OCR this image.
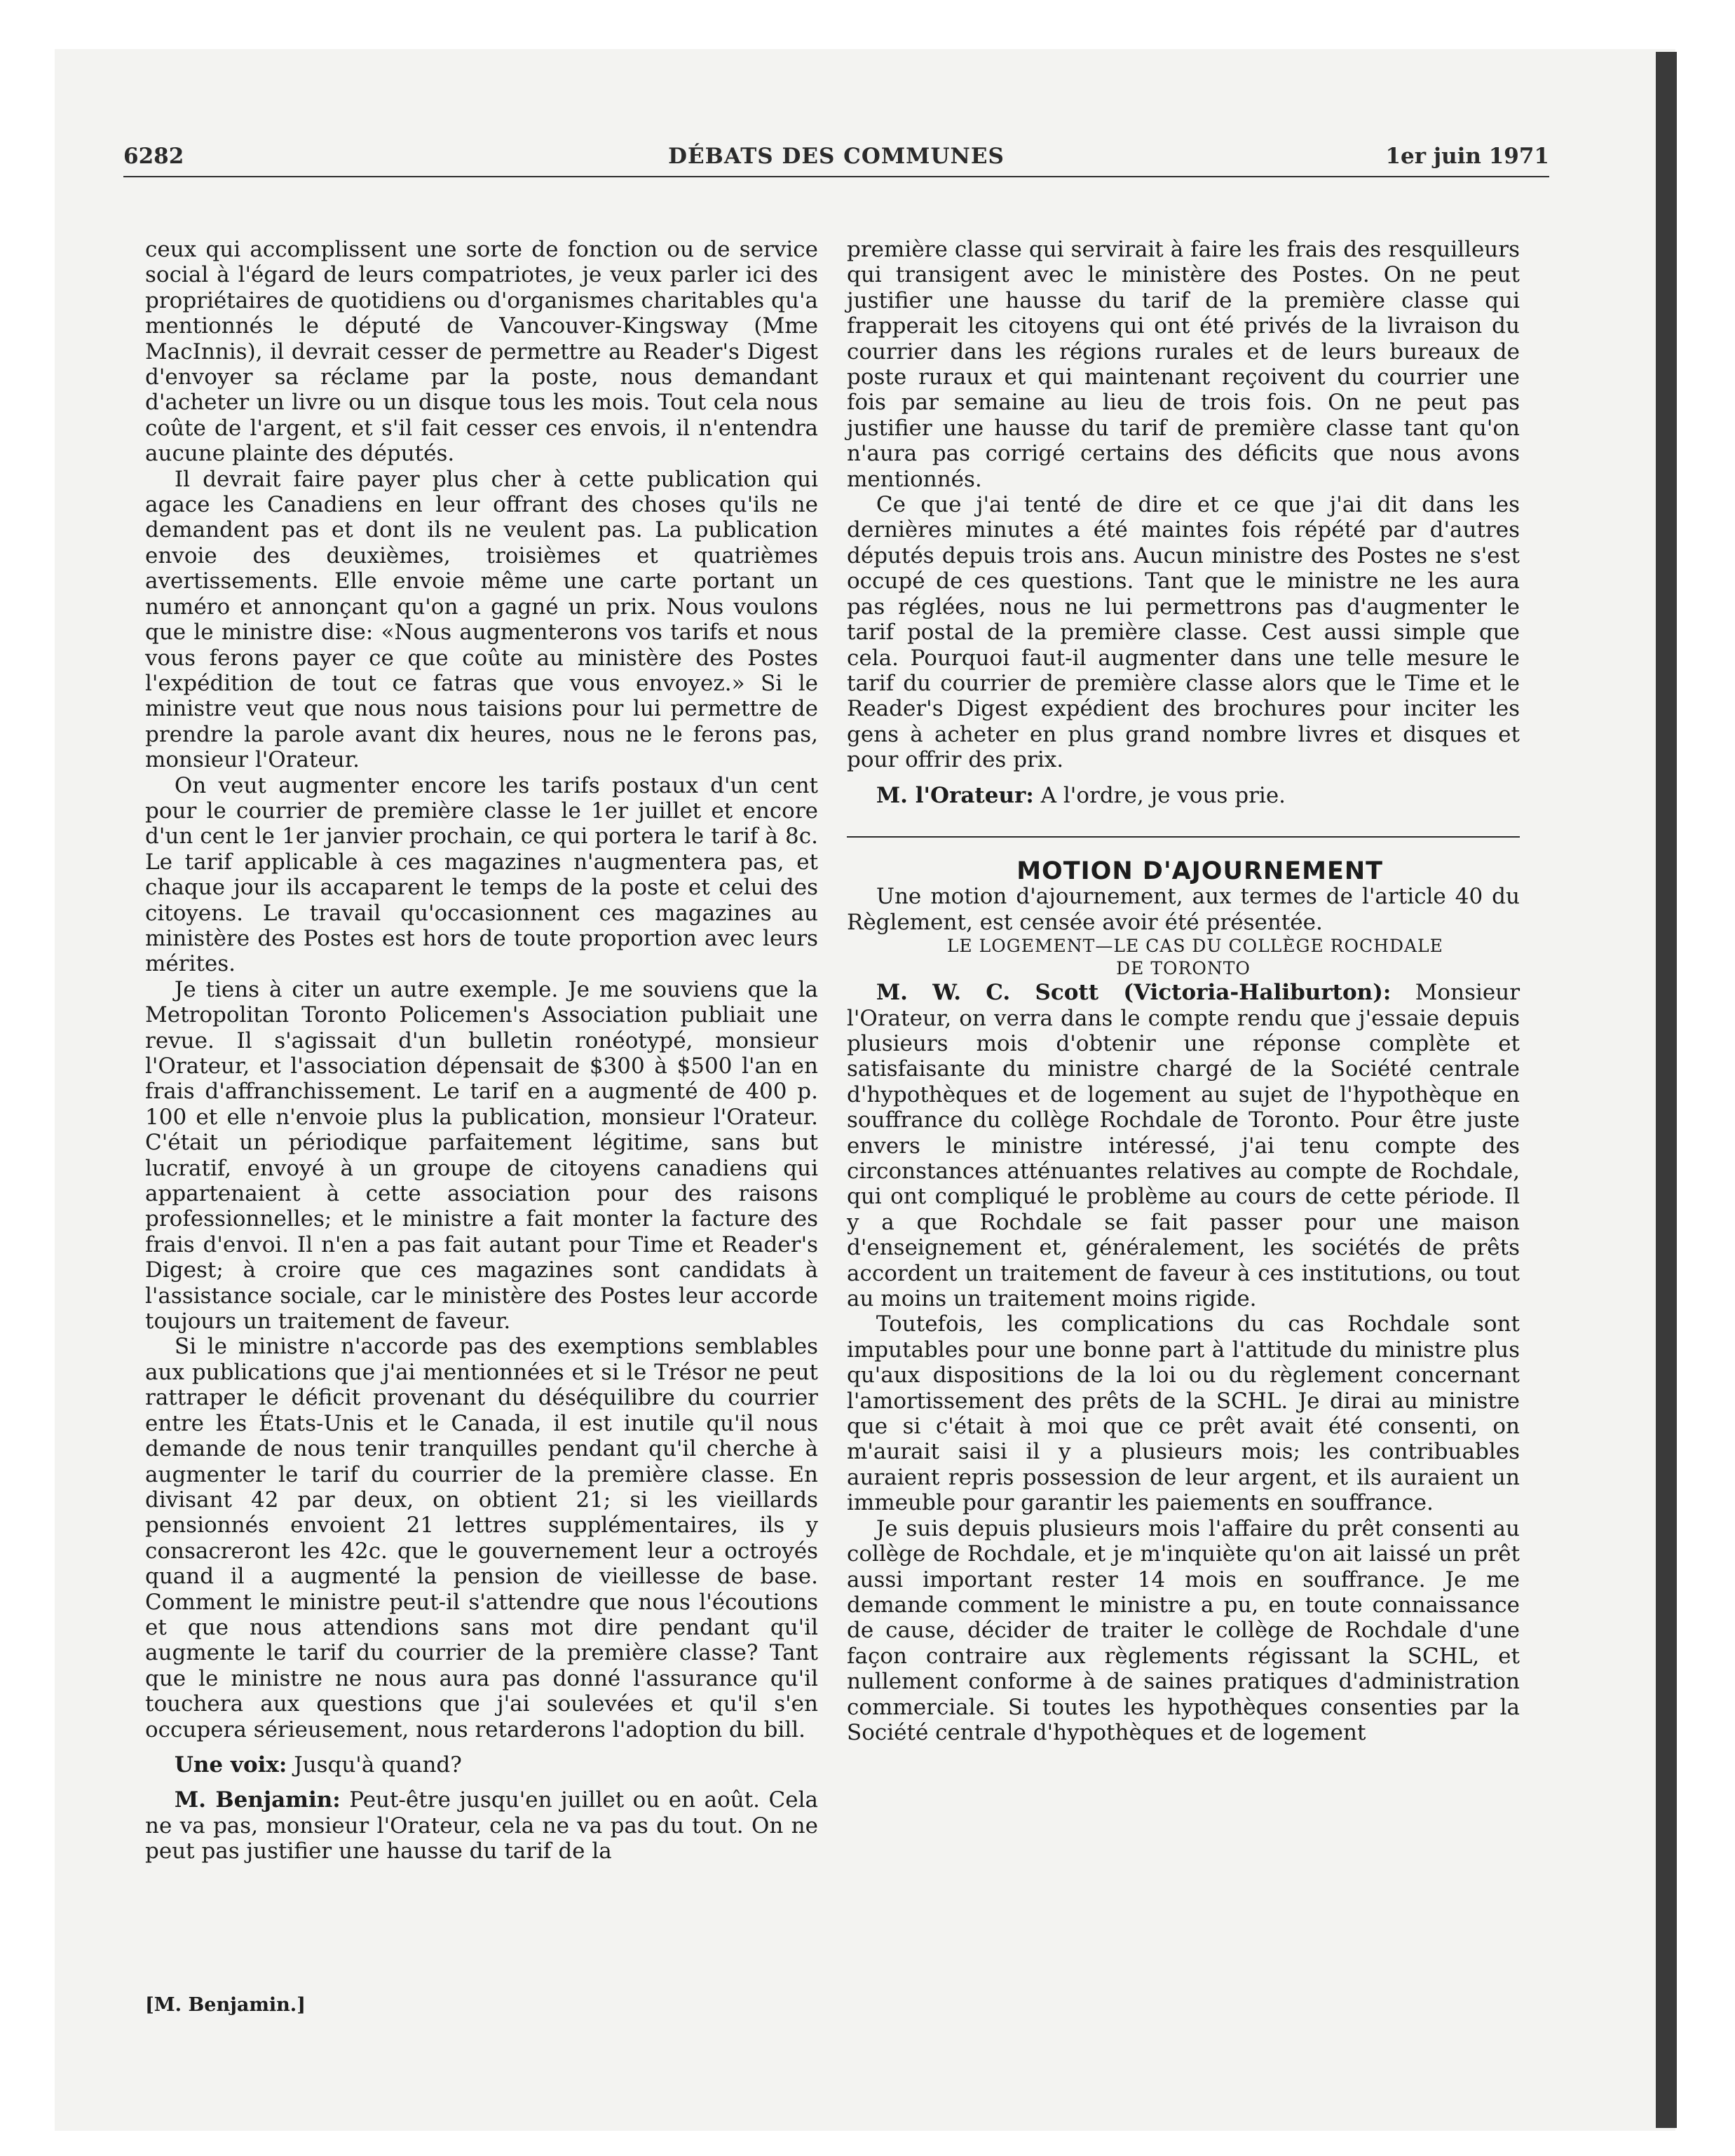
6282	DÉBATS DES COMMUNES	1er juin 1971

ceux qui accomplissent une sorte de fonction ou de service social à l'égard de leurs compatriotes, je veux parler ici des propriétaires de quotidiens ou d'organismes charitables qu'a mentionnés le député de Vancouver-Kingsway (Mme MacInnis), il devrait cesser de permettre au Reader's Digest d'envoyer sa réclame par la poste, nous demandant d'acheter un livre ou un disque tous les mois. Tout cela nous coûte de l'argent, et s'il fait cesser ces envois, il n'entendra aucune plainte des députés.

Il devrait faire payer plus cher à cette publication qui agace les Canadiens en leur offrant des choses qu'ils ne demandent pas et dont ils ne veulent pas. La publication envoie des deuxièmes, troisièmes et quatrièmes avertissements. Elle envoie même une carte portant un numéro et annonçant qu'on a gagné un prix. Nous voulons que le ministre dise: «Nous augmenterons vos tarifs et nous vous ferons payer ce que coûte au ministère des Postes l'expédition de tout ce fatras que vous envoyez.» Si le ministre veut que nous nous taisions pour lui permettre de prendre la parole avant dix heures, nous ne le ferons pas, monsieur l'Orateur.

On veut augmenter encore les tarifs postaux d'un cent pour le courrier de première classe le 1er juillet et encore d'un cent le 1er janvier prochain, ce qui portera le tarif à 8c. Le tarif applicable à ces magazines n'augmentera pas, et chaque jour ils accaparent le temps de la poste et celui des citoyens. Le travail qu'occasionnent ces magazines au ministère des Postes est hors de toute proportion avec leurs mérites.

Je tiens à citer un autre exemple. Je me souviens que la Metropolitan Toronto Policemen's Association publiait une revue. Il s'agissait d'un bulletin ronéotypé, monsieur l'Orateur, et l'association dépensait de $300 à $500 l'an en frais d'affranchissement. Le tarif en a augmenté de 400 p. 100 et elle n'envoie plus la publication, monsieur l'Orateur. C'était un périodique parfaitement légitime, sans but lucratif, envoyé à un groupe de citoyens canadiens qui appartenaient à cette association pour des raisons professionnelles; et le ministre a fait monter la facture des frais d'envoi. Il n'en a pas fait autant pour Time et Reader's Digest; à croire que ces magazines sont candidats à l'assistance sociale, car le ministère des Postes leur accorde toujours un traitement de faveur.

Si le ministre n'accorde pas des exemptions semblables aux publications que j'ai mentionnées et si le Trésor ne peut rattraper le déficit provenant du déséquilibre du courrier entre les États-Unis et le Canada, il est inutile qu'il nous demande de nous tenir tranquilles pendant qu'il cherche à augmenter le tarif du courrier de la première classe. En divisant 42 par deux, on obtient 21; si les vieillards pensionnés envoient 21 lettres supplémentaires, ils y consacreront les 42c. que le gouvernement leur a octroyés quand il a augmenté la pension de vieillesse de base. Comment le ministre peut-il s'attendre que nous l'écoutions et que nous attendions sans mot dire pendant qu'il augmente le tarif du courrier de la première classe? Tant que le ministre ne nous aura pas donné l'assurance qu'il touchera aux questions que j'ai soulevées et qu'il s'en occupera sérieusement, nous retarderons l'adoption du bill.

Une voix: Jusqu'à quand?

M. Benjamin: Peut-être jusqu'en juillet ou en août. Cela ne va pas, monsieur l'Orateur, cela ne va pas du tout. On ne peut pas justifier une hausse du tarif de la

[M. Benjamin.]

première classe qui servirait à faire les frais des resquilleurs qui transigent avec le ministère des Postes. On ne peut justifier une hausse du tarif de la première classe qui frapperait les citoyens qui ont été privés de la livraison du courrier dans les régions rurales et de leurs bureaux de poste ruraux et qui maintenant reçoivent du courrier une fois par semaine au lieu de trois fois. On ne peut pas justifier une hausse du tarif de première classe tant qu'on n'aura pas corrigé certains des déficits que nous avons mentionnés.

Ce que j'ai tenté de dire et ce que j'ai dit dans les dernières minutes a été maintes fois répété par d'autres députés depuis trois ans. Aucun ministre des Postes ne s'est occupé de ces questions. Tant que le ministre ne les aura pas réglées, nous ne lui permettrons pas d'augmenter le tarif postal de la première classe. Cest aussi simple que cela. Pourquoi faut-il augmenter dans une telle mesure le tarif du courrier de première classe alors que le Time et le Reader's Digest expédient des brochures pour inciter les gens à acheter en plus grand nombre livres et disques et pour offrir des prix.

M. l'Orateur: A l'ordre, je vous prie.

MOTION D'AJOURNEMENT

Une motion d'ajournement, aux termes de l'article 40 du Règlement, est censée avoir été présentée.

LE LOGEMENT—LE CAS DU COLLÈGE ROCHDALE
DE TORONTO

M. W. C. Scott (Victoria-Haliburton): Monsieur l'Orateur, on verra dans le compte rendu que j'essaie depuis plusieurs mois d'obtenir une réponse complète et satisfaisante du ministre chargé de la Société centrale d'hypothèques et de logement au sujet de l'hypothèque en souffrance du collège Rochdale de Toronto. Pour être juste envers le ministre intéressé, j'ai tenu compte des circonstances atténuantes relatives au compte de Rochdale, qui ont compliqué le problème au cours de cette période. Il y a que Rochdale se fait passer pour une maison d'enseignement et, généralement, les sociétés de prêts accordent un traitement de faveur à ces institutions, ou tout au moins un traitement moins rigide.

Toutefois, les complications du cas Rochdale sont imputables pour une bonne part à l'attitude du ministre plus qu'aux dispositions de la loi ou du règlement concernant l'amortissement des prêts de la SCHL. Je dirai au ministre que si c'était à moi que ce prêt avait été consenti, on m'aurait saisi il y a plusieurs mois; les contribuables auraient repris possession de leur argent, et ils auraient un immeuble pour garantir les paiements en souffrance.

Je suis depuis plusieurs mois l'affaire du prêt consenti au collège de Rochdale, et je m'inquiète qu'on ait laissé un prêt aussi important rester 14 mois en souffrance. Je me demande comment le ministre a pu, en toute connaissance de cause, décider de traiter le collège de Rochdale d'une façon contraire aux règlements régissant la SCHL, et nullement conforme à de saines pratiques d'administration commerciale. Si toutes les hypothèques consenties par la Société centrale d'hypothèques et de logement
